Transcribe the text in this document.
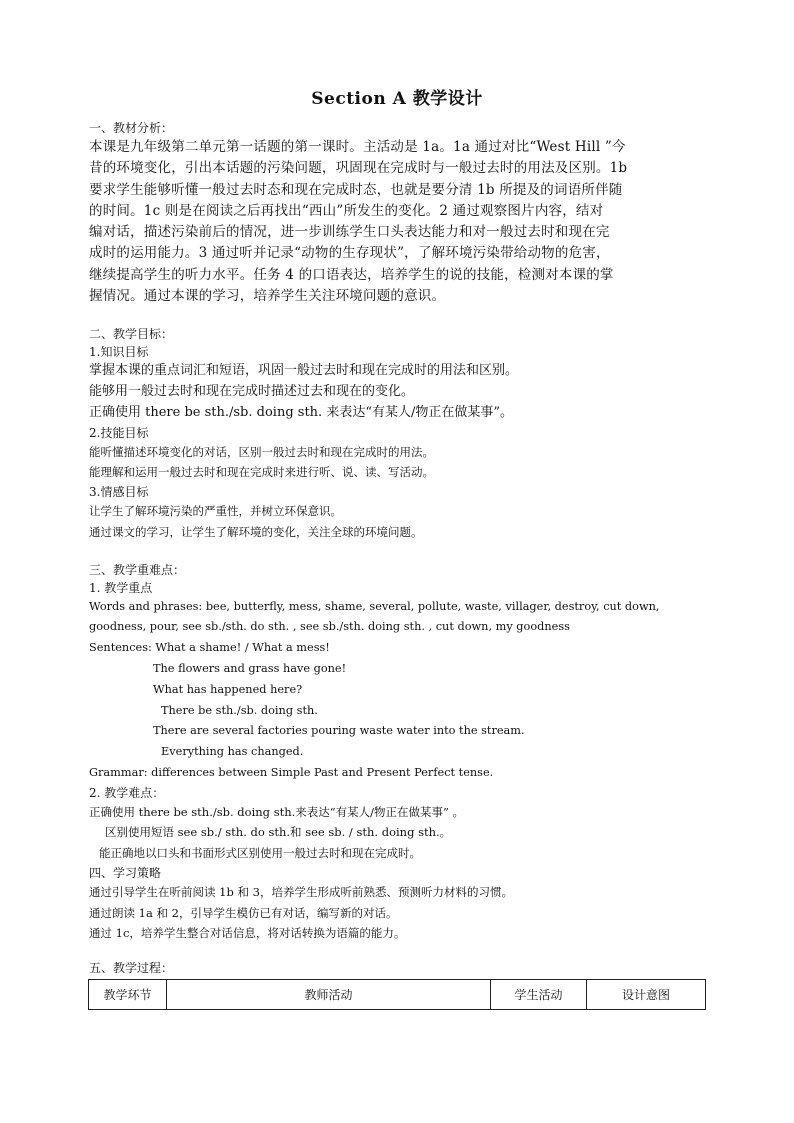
Section A 教学设计

一、教材分析：

本课是九年级第二单元第一话题的第一课时。主活动是 1a。1a 通过对比“West Hill ”今

昔的环境变化，引出本话题的污染问题，巩固现在完成时与一般过去时的用法及区别。1b

要求学生能够听懂一般过去时态和现在完成时态，也就是要分清 1b 所提及的词语所伴随

的时间。1c 则是在阅读之后再找出“西山”所发生的变化。2 通过观察图片内容，结对

编对话，描述污染前后的情况，进一步训练学生口头表达能力和对一般过去时和现在完

成时的运用能力。3 通过听并记录“动物的生存现状”，了解环境污染带给动物的危害，

继续提高学生的听力水平。任务 4 的口语表达，培养学生的说的技能，检测对本课的掌

握情况。通过本课的学习，培养学生关注环境问题的意识。

二、教学目标：

1.知识目标

掌握本课的重点词汇和短语，巩固一般过去时和现在完成时的用法和区别。

能够用一般过去时和现在完成时描述过去和现在的变化。

正确使用 there be sth./sb. doing sth. 来表达“有某人/物正在做某事”。

2.技能目标

能听懂描述环境变化的对话，区别一般过去时和现在完成时的用法。

能理解和运用一般过去时和现在完成时来进行听、说、读、写活动。

3.情感目标

让学生了解环境污染的严重性，并树立环保意识。

通过课文的学习，让学生了解环境的变化，关注全球的环境问题。

三、教学重难点：

1. 教学重点

Words and phrases: bee, butterfly, mess, shame, several, pollute, waste, villager, destroy, cut down,

goodness, pour, see sb./sth. do sth. , see sb./sth. doing sth. , cut down, my goodness

Sentences: What a shame! / What a mess!

The flowers and grass have gone!

What has happened here?

There be sth./sb. doing sth.

There are several factories pouring waste water into the stream.

Everything has changed.

Grammar: differences between Simple Past and Present Perfect tense.

2. 教学难点：

正确使用 there be sth./sb. doing sth.来表达“有某人/物正在做某事” 。

区别使用短语 see sb./ sth. do sth.和 see sb. / sth. doing sth.。

能正确地以口头和书面形式区别使用一般过去时和现在完成时。

四、学习策略

通过引导学生在听前阅读 1b 和 3，培养学生形成听前熟悉、预测听力材料的习惯。

通过朗读 1a 和 2，引导学生模仿已有对话，编写新的对话。

通过 1c，培养学生整合对话信息，将对话转换为语篇的能力。

五、教学过程：

教学环节	教师活动	学生活动	设计意图
